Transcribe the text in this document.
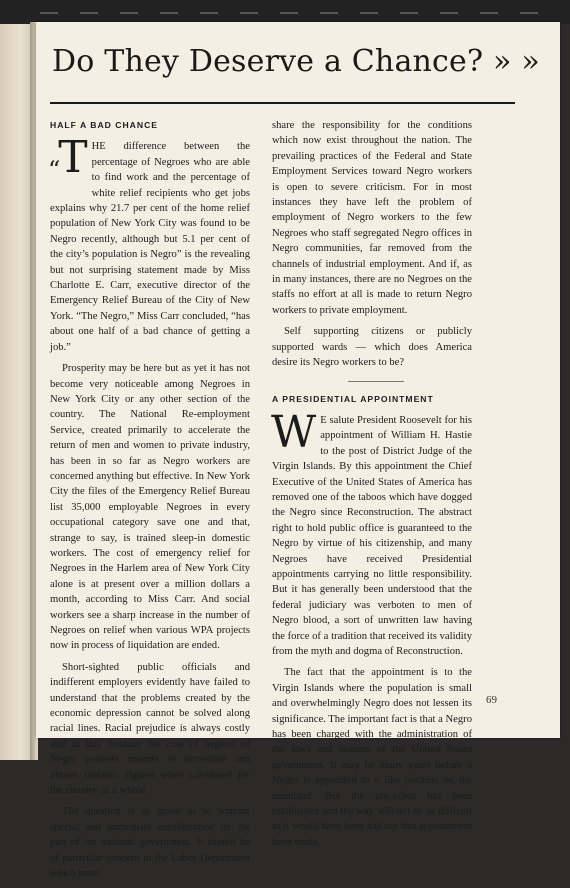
Do They Deserve a Chance? » »
HALF A BAD CHANCE

“T HE difference between the percentage of Negroes who are able to find work and the percentage of white relief recipients who get jobs explains why 21.7 per cent of the home relief population of New York City was found to be Negro recently, although but 5.1 per cent of the city’s population is Negro” is the revealing but not surprising statement made by Miss Charlotte E. Carr, executive director of the Emergency Relief Bureau of the City of New York. “The Negro,” Miss Carr concluded, “has about one half of a bad chance of getting a job.”

Prosperity may be here but as yet it has not become very noticeable among Negroes in New York City or any other section of the country. The National Re-employment Service, created primarily to accelerate the return of men and women to private industry, has been in so far as Negro workers are concerned anything but effective. In New York City the files of the Emergency Relief Bureau list 35,000 employable Negroes in every occupational category save one and that, strange to say, is trained sleep-in domestic workers. The cost of emergency relief for Negroes in the Harlem area of New York City alone is at present over a million dollars a month, according to Miss Carr. And social workers see a sharp increase in the number of Negroes on relief when various WPA projects now in process of liquidation are ended.

Short-sighted public officials and indifferent employers evidently have failed to understand that the problems created by the economic depression cannot be solved along racial lines. Racial prejudice is always costly and in this instance the cost of neglect of Negro workers mounts to incredible and almost fantastic figures when calculated for the country as a whole.

The question is so grave as to warrant special and immediate consideration on the part of the national government. It should be of particular concern to the Labor Department which must

share the responsibility for the conditions which now exist throughout the nation. The prevailing practices of the Federal and State Employment Services toward Negro workers is open to severe criticism. For in most instances they have left the problem of employment of Negro workers to the few Negroes who staff segregated Negro offices in Negro communities, far removed from the channels of industrial employment. And if, as in many instances, there are no Negroes on the staffs no effort at all is made to return Negro workers to private employment.

Self supporting citizens or publicly supported wards — which does America desire its Negro workers to be?

A PRESIDENTIAL APPOINTMENT

W E salute President Roosevelt for his appointment of William H. Hastie to the post of District Judge of the Virgin Islands. By this appointment the Chief Executive of the United States of America has removed one of the taboos which have dogged the Negro since Reconstruction. The abstract right to hold public office is guaranteed to the Negro by virtue of his citizenship, and many Negroes have received Presidential appointments carrying no little responsibility. But it has generally been understood that the federal judiciary was verboten to men of Negro blood, a sort of unwritten law having the force of a tradition that received its validity from the myth and dogma of Reconstruction.

The fact that the appointment is to the Virgin Islands where the population is small and overwhelmingly Negro does not lessen its significance. The important fact is that a Negro has been charged with the administration of the laws and statutes of the United States government. It may be many years before a Negro is appointed to a like position on the mainland. But the precedent has been established and the way will not be as difficult as it would have been had not this appointment been made.

69
